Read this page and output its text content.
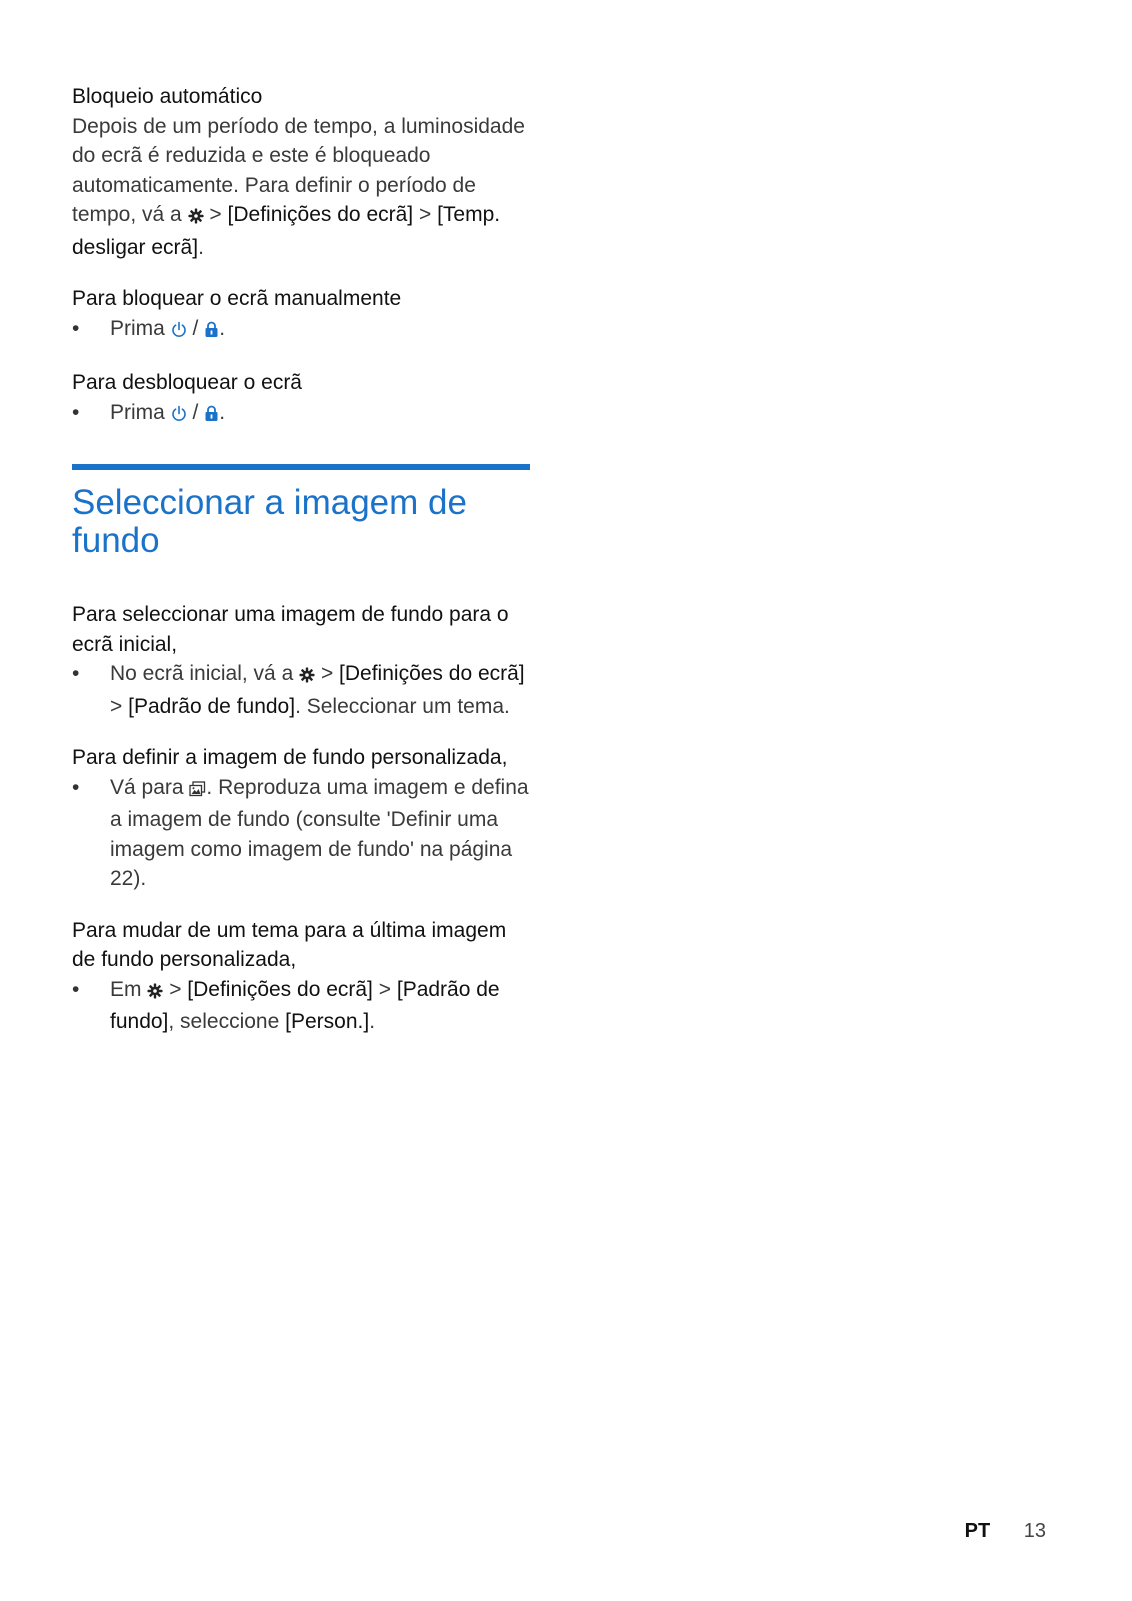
Bloqueio automático

Depois de um período de tempo, a luminosidade do ecrã é reduzida e este é bloqueado automaticamente. Para definir o período de tempo, vá a > [Definições do ecrã] > [Temp. desligar ecrã].

Para bloquear o ecrã manualmente

• Prima / .

Para desbloquear o ecrã

• Prima / .
Seleccionar a imagem de fundo

Para seleccionar uma imagem de fundo para o ecrã inicial,

• No ecrã inicial, vá a > [Definições do ecrã] > [Padrão de fundo]. Seleccionar um tema.

Para definir a imagem de fundo personalizada,

• Vá para . Reproduza uma imagem e defina a imagem de fundo (consulte 'Definir uma imagem como imagem de fundo' na página 22).

Para mudar de um tema para a última imagem de fundo personalizada,

• Em > [Definições do ecrã] > [Padrão de fundo], seleccione [Person.].
PT 13
